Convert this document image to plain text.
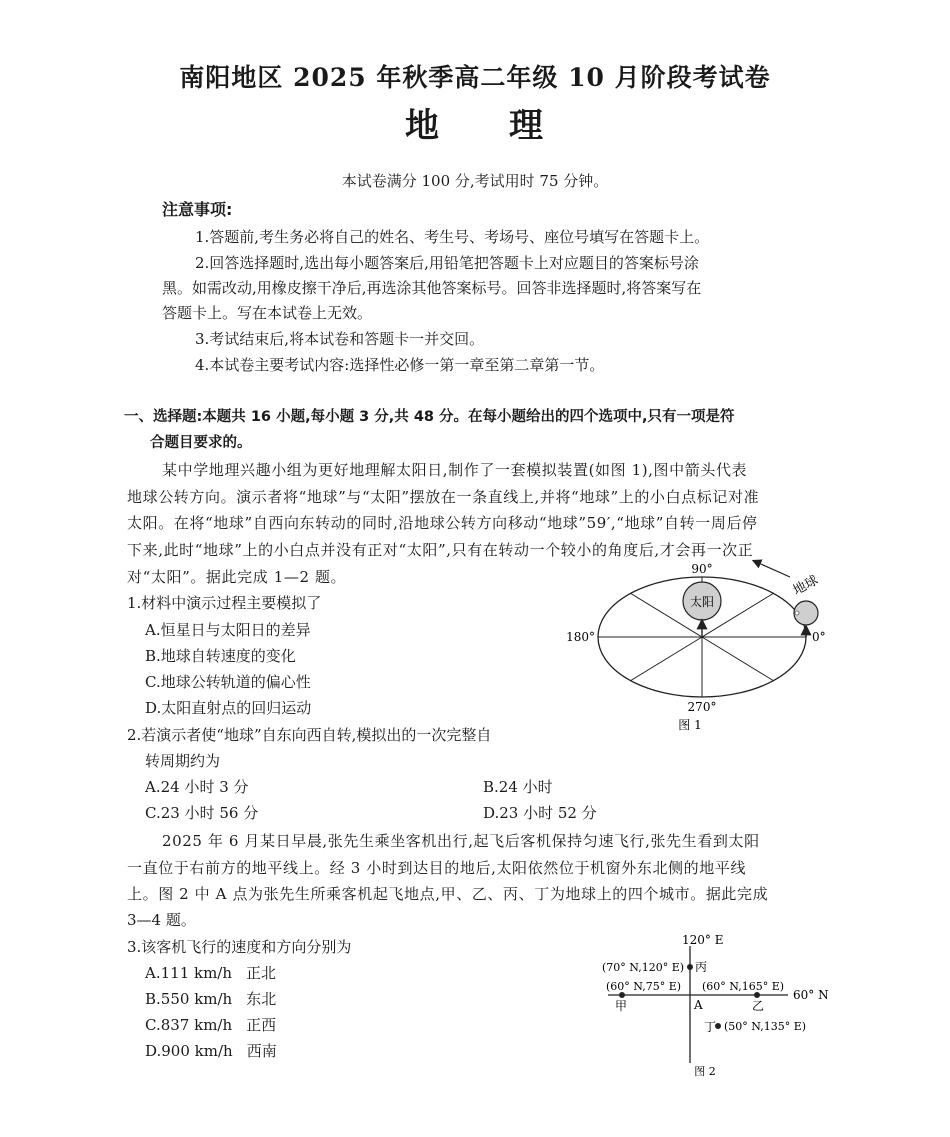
南阳地区 2025 年秋季高二年级 10 月阶段考试卷
地 理
本试卷满分 100 分,考试用时 75 分钟。
注意事项:
1.答题前,考生务必将自己的姓名、考生号、考场号、座位号填写在答题卡上。
2.回答选择题时,选出每小题答案后,用铅笔把答题卡上对应题目的答案标号涂
黑。如需改动,用橡皮擦干净后,再选涂其他答案标号。回答非选择题时,将答案写在
答题卡上。写在本试卷上无效。
3.考试结束后,将本试卷和答题卡一并交回。
4.本试卷主要考试内容:选择性必修一第一章至第二章第一节。
一、选择题:本题共 16 小题,每小题 3 分,共 48 分。在每小题给出的四个选项中,只有一项是符
合题目要求的。
某中学地理兴趣小组为更好地理解太阳日,制作了一套模拟装置(如图 1),图中箭头代表
地球公转方向。演示者将“地球”与“太阳”摆放在一条直线上,并将“地球”上的小白点标记对准
太阳。在将“地球”自西向东转动的同时,沿地球公转方向移动“地球”59′,“地球”自转一周后停
下来,此时“地球”上的小白点并没有正对“太阳”,只有在转动一个较小的角度后,才会再一次正
对“太阳”。据此完成 1—2 题。
1.材料中演示过程主要模拟了
A.恒星日与太阳日的差异
B.地球自转速度的变化
C.地球公转轨道的偏心性
D.太阳直射点的回归运动
2.若演示者使“地球”自东向西自转,模拟出的一次完整自
转周期约为
A.24 小时 3 分	B.24 小时
C.23 小时 56 分	D.23 小时 52 分
2025 年 6 月某日早晨,张先生乘坐客机出行,起飞后客机保持匀速飞行,张先生看到太阳
一直位于右前方的地平线上。经 3 小时到达目的地后,太阳依然位于机窗外东北侧的地平线
上。图 2 中 A 点为张先生所乘客机起飞地点,甲、乙、丙、丁为地球上的四个城市。据此完成
3—4 题。
3.该客机飞行的速度和方向分别为
A.111 km/h 正北
B.550 km/h 东北
C.837 km/h 正西
D.900 km/h 西南
太阳
地球
90°
180°	0°
270°
图 1
120° E
60° N
(70° N,120° E) 丙
(60° N,75° E)
甲	A
(60° N,165° E)
乙
丁 (50° N,135° E)
图 2
